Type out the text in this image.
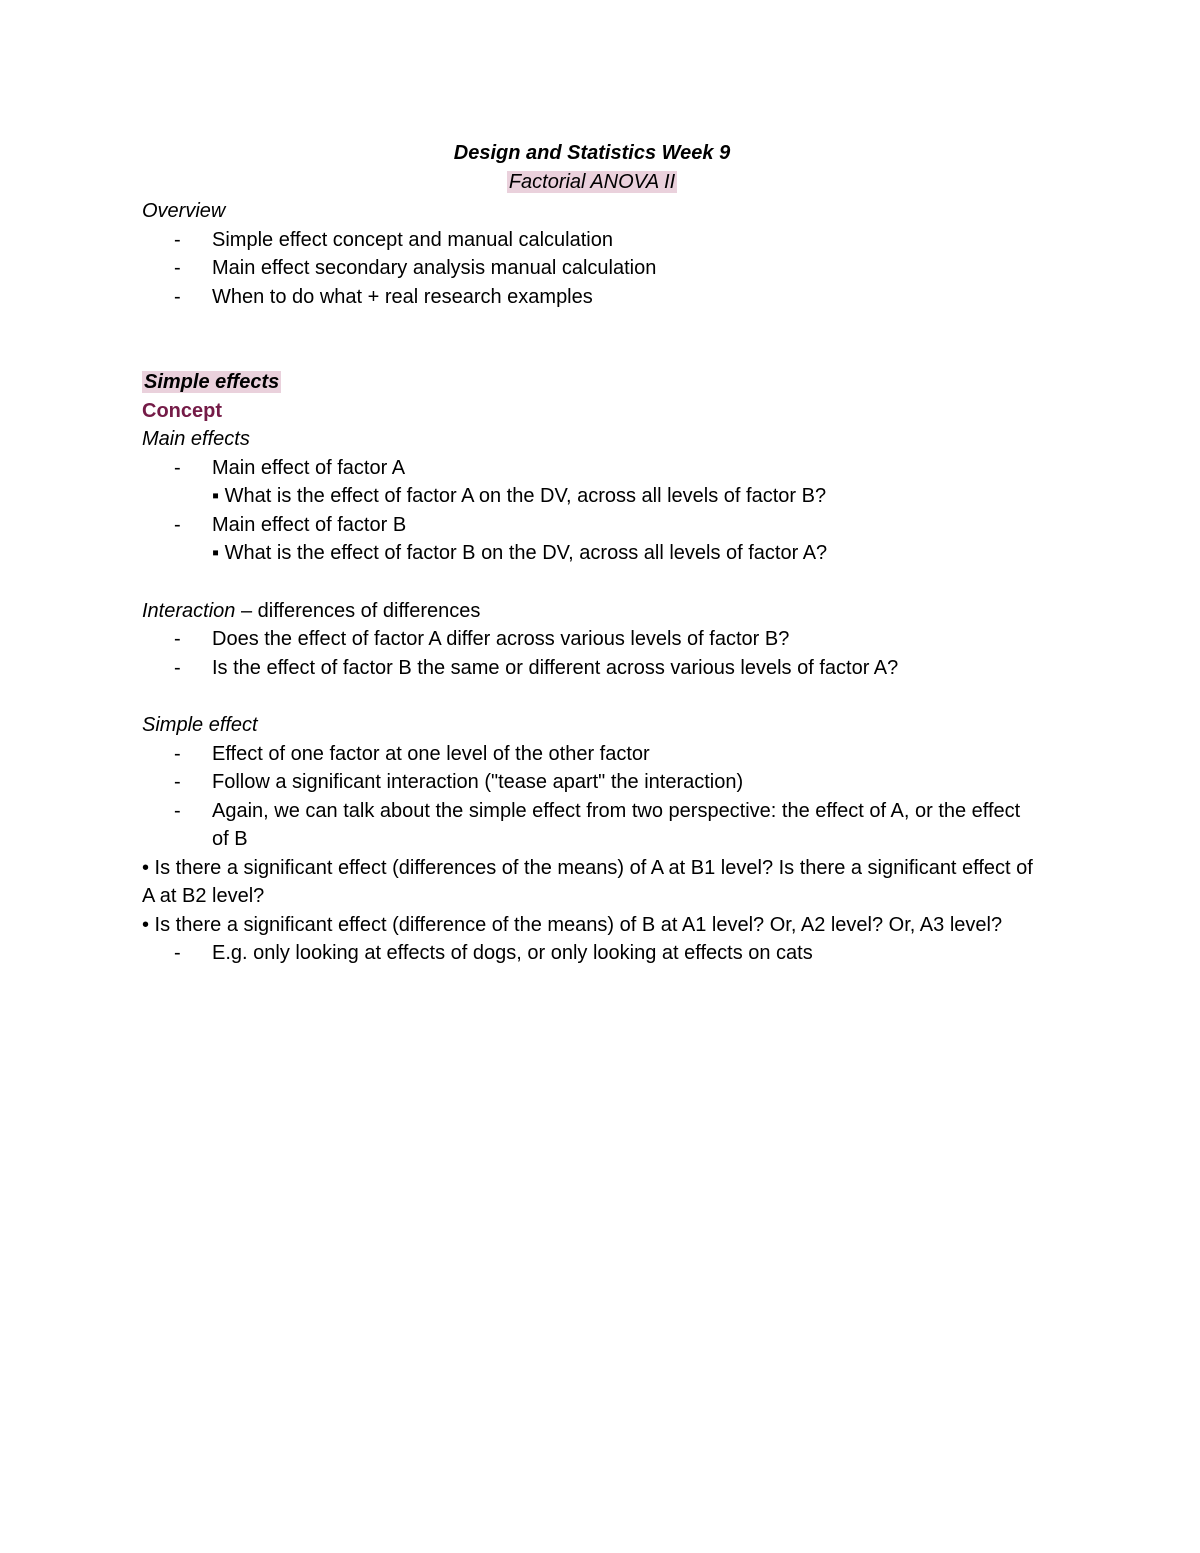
Design and Statistics Week 9

Factorial ANOVA II

Overview

- Simple effect concept and manual calculation
- Main effect secondary analysis manual calculation
- When to do what + real research examples

Simple effects

Concept

Main effects

- Main effect of factor A

▪ What is the effect of factor A on the DV, across all levels of factor B?

- Main effect of factor B

▪ What is the effect of factor B on the DV, across all levels of factor A?

Interaction – differences of differences

- Does the effect of factor A differ across various levels of factor B?
- Is the effect of factor B the same or different across various levels of factor A?

Simple effect

- Effect of one factor at one level of the other factor
- Follow a significant interaction ("tease apart" the interaction)
- Again, we can talk about the simple effect from two perspective: the effect of A, or the effect of B

• Is there a significant effect (differences of the means) of A at B1 level? Is there a significant effect of A at B2 level?

• Is there a significant effect (difference of the means) of B at A1 level? Or, A2 level? Or, A3 level?

- E.g. only looking at effects of dogs, or only looking at effects on cats
